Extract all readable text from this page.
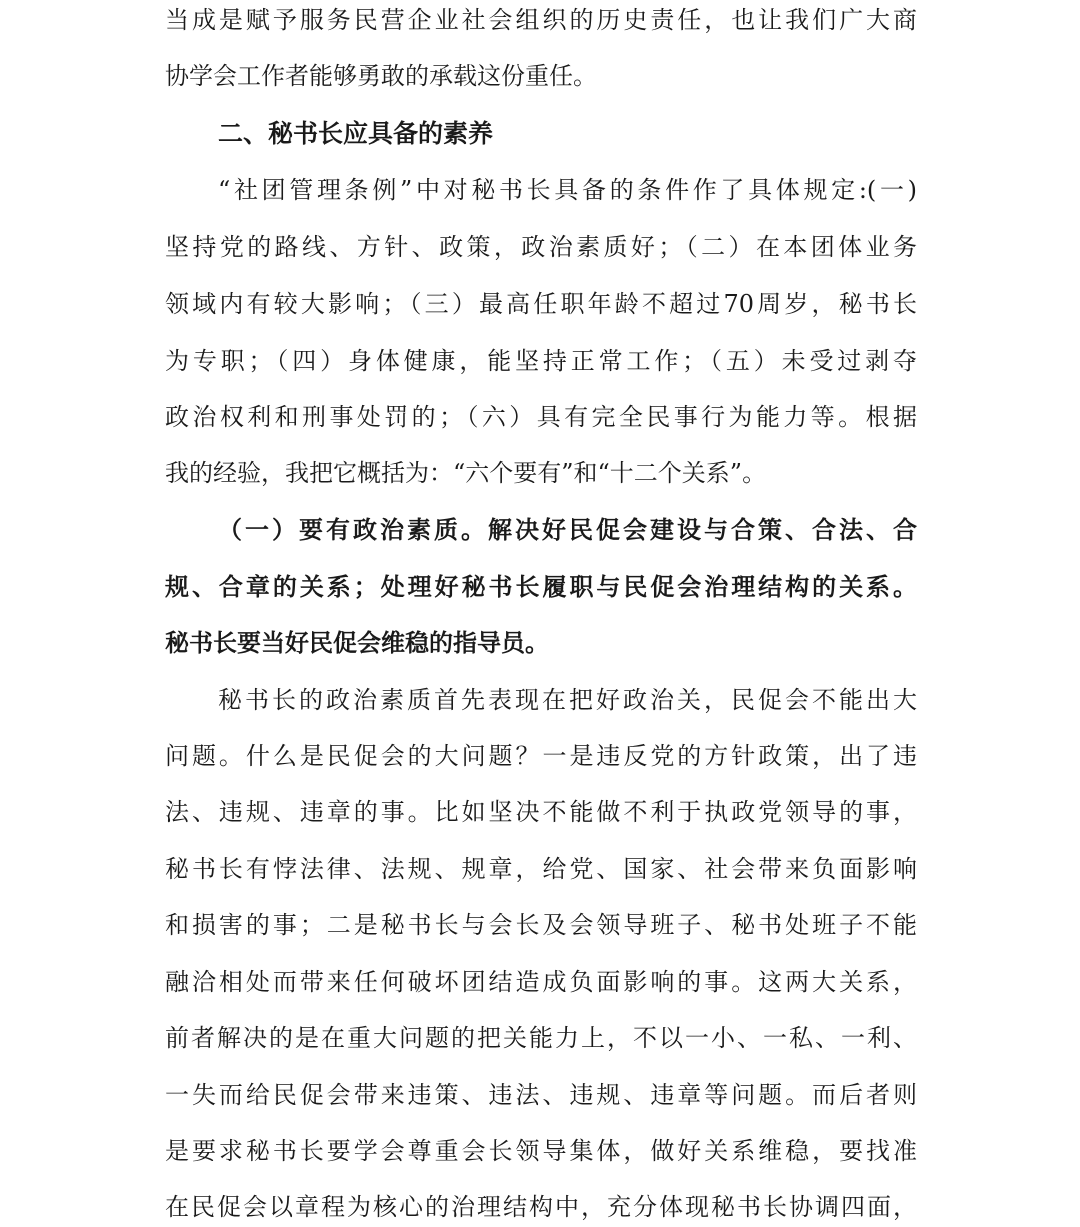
当成是赋予服务民营企业社会组织的历史责任，也让我们广大商
协学会工作者能够勇敢的承载这份重任。
二、秘书长应具备的素养
“社团管理条例”中对秘书长具备的条件作了具体规定:(一)
坚持党的路线、方针、政策，政治素质好；（二）在本团体业务
领域内有较大影响；（三）最高任职年龄不超过70周岁，秘书长
为专职；（四）身体健康，能坚持正常工作；（五）未受过剥夺
政治权利和刑事处罚的；（六）具有完全民事行为能力等。根据
我的经验，我把它概括为：“六个要有”和“十二个关系”。
（一）要有政治素质。解决好民促会建设与合策、合法、合
规、合章的关系；处理好秘书长履职与民促会治理结构的关系。
秘书长要当好民促会维稳的指导员。
秘书长的政治素质首先表现在把好政治关，民促会不能出大
问题。什么是民促会的大问题？一是违反党的方针政策，出了违
法、违规、违章的事。比如坚决不能做不利于执政党领导的事，
秘书长有悖法律、法规、规章，给党、国家、社会带来负面影响
和损害的事；二是秘书长与会长及会领导班子、秘书处班子不能
融洽相处而带来任何破坏团结造成负面影响的事。这两大关系，
前者解决的是在重大问题的把关能力上，不以一小、一私、一利、
一失而给民促会带来违策、违法、违规、违章等问题。而后者则
是要求秘书长要学会尊重会长领导集体，做好关系维稳，要找准
在民促会以章程为核心的治理结构中，充分体现秘书长协调四面，
